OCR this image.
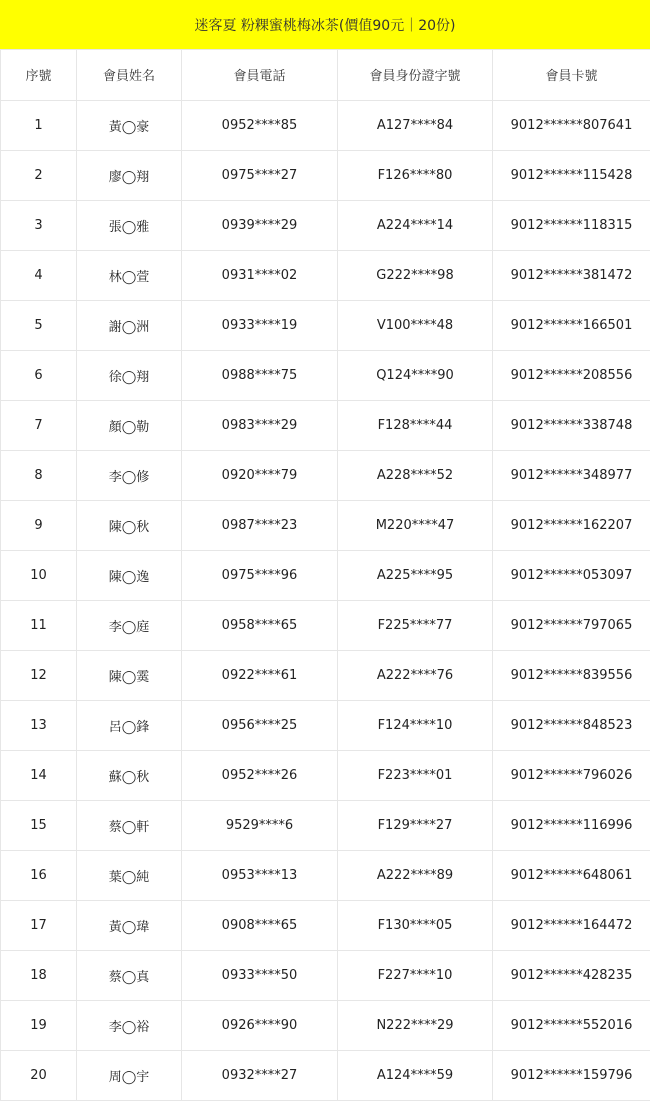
迷客夏 粉粿蜜桃梅冰茶(價值90元｜20份)
序號	會員姓名	會員電話	會員身份證字號	會員卡號
1	黃◯豪	0952****85	A127****84	9012******807641
2	廖◯翔	0975****27	F126****80	9012******115428
3	張◯雅	0939****29	A224****14	9012******118315
4	林◯萱	0931****02	G222****98	9012******381472
5	謝◯洲	0933****19	V100****48	9012******166501
6	徐◯翔	0988****75	Q124****90	9012******208556
7	顏◯勒	0983****29	F128****44	9012******338748
8	李◯修	0920****79	A228****52	9012******348977
9	陳◯秋	0987****23	M220****47	9012******162207
10	陳◯逸	0975****96	A225****95	9012******053097
11	李◯庭	0958****65	F225****77	9012******797065
12	陳◯霙	0922****61	A222****76	9012******839556
13	呂◯鋒	0956****25	F124****10	9012******848523
14	蘇◯秋	0952****26	F223****01	9012******796026
15	蔡◯軒	9529****6	F129****27	9012******116996
16	葉◯純	0953****13	A222****89	9012******648061
17	黃◯瑋	0908****65	F130****05	9012******164472
18	蔡◯真	0933****50	F227****10	9012******428235
19	李◯裕	0926****90	N222****29	9012******552016
20	周◯宇	0932****27	A124****59	9012******159796
